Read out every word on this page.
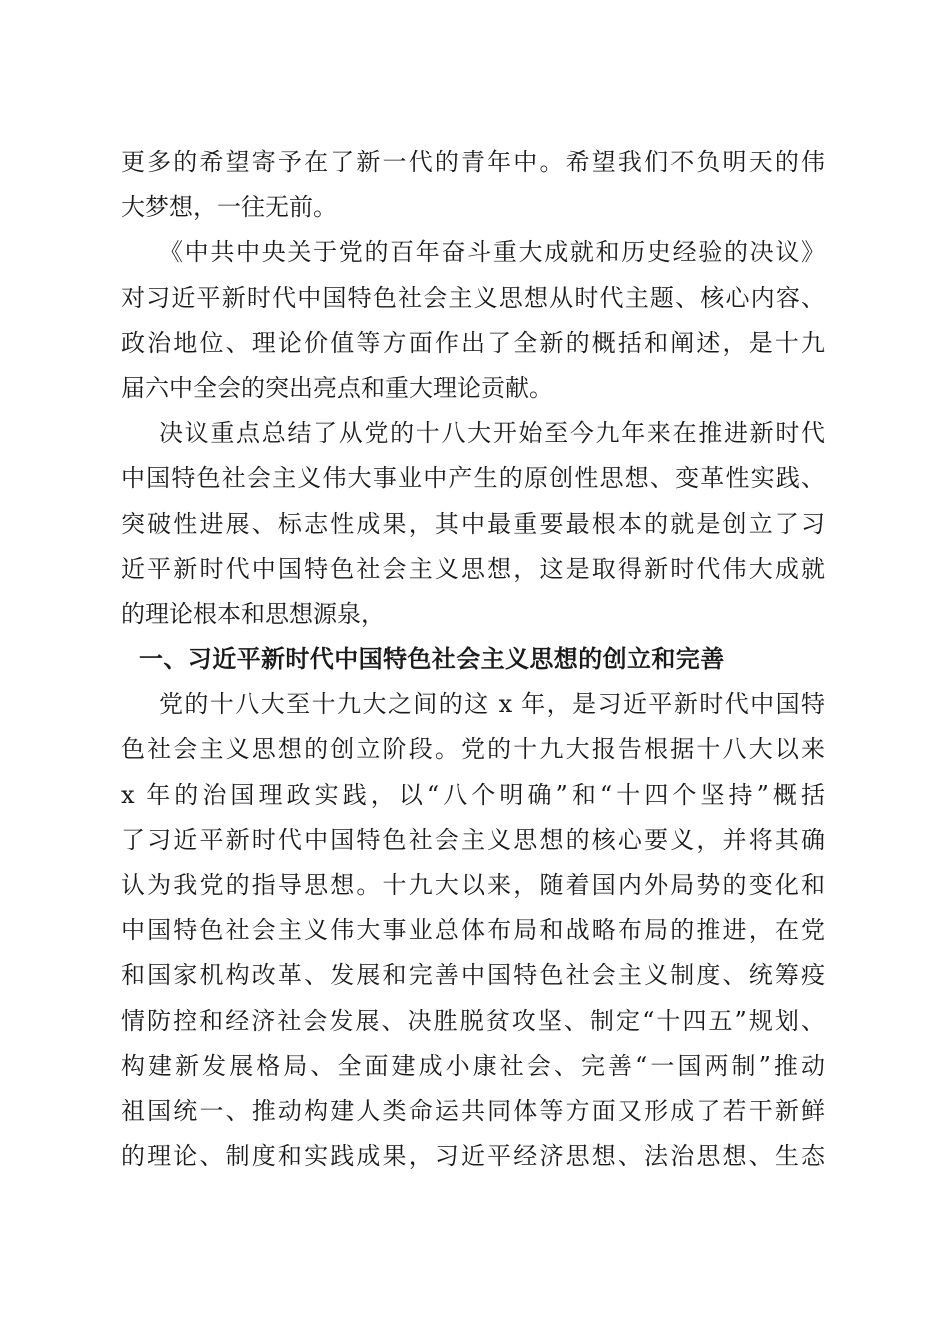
更多的希望寄予在了新一代的青年中。希望我们不负明天的伟
大梦想，一往无前。
《中共中央关于党的百年奋斗重大成就和历史经验的决议》
对习近平新时代中国特色社会主义思想从时代主题、核心内容、
政治地位、理论价值等方面作出了全新的概括和阐述，是十九
届六中全会的突出亮点和重大理论贡献。
决议重点总结了从党的十八大开始至今九年来在推进新时代
中国特色社会主义伟大事业中产生的原创性思想、变革性实践、
突破性进展、标志性成果，其中最重要最根本的就是创立了习
近平新时代中国特色社会主义思想，这是取得新时代伟大成就
的理论根本和思想源泉，
一、习近平新时代中国特色社会主义思想的创立和完善
党的十八大至十九大之间的这 x 年，是习近平新时代中国特
色社会主义思想的创立阶段。党的十九大报告根据十八大以来
x 年的治国理政实践，以“八个明确”和“十四个坚持”概括
了习近平新时代中国特色社会主义思想的核心要义，并将其确
认为我党的指导思想。十九大以来，随着国内外局势的变化和
中国特色社会主义伟大事业总体布局和战略布局的推进，在党
和国家机构改革、发展和完善中国特色社会主义制度、统筹疫
情防控和经济社会发展、决胜脱贫攻坚、制定“十四五”规划、
构建新发展格局、全面建成小康社会、完善“一国两制”推动
祖国统一、推动构建人类命运共同体等方面又形成了若干新鲜
的理论、制度和实践成果，习近平经济思想、法治思想、生态
